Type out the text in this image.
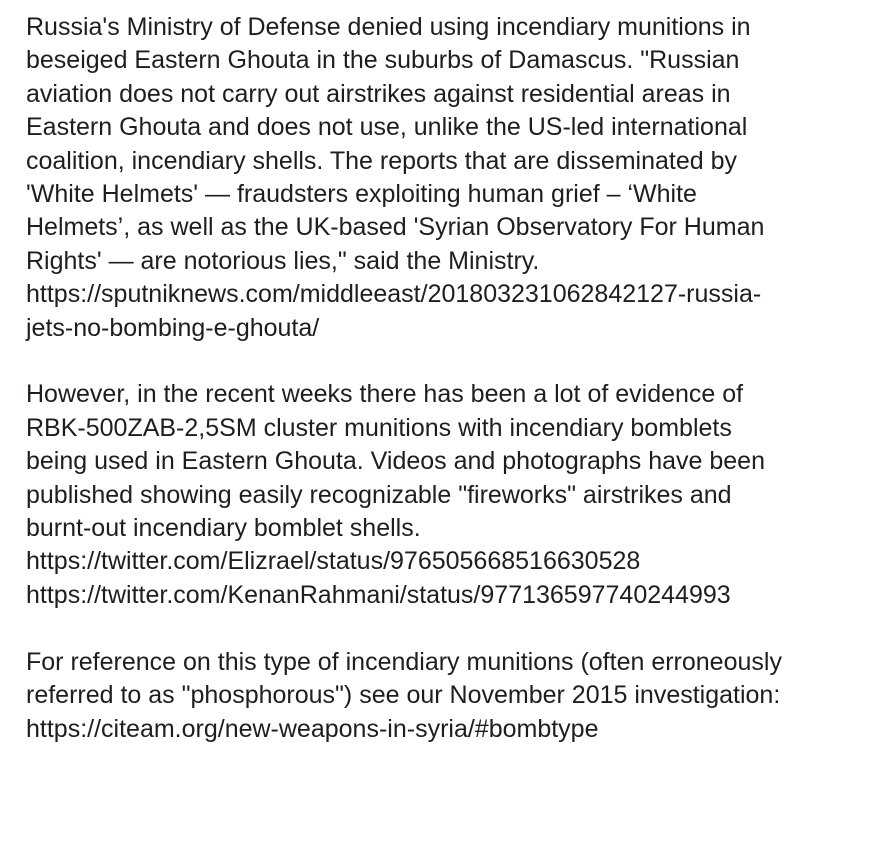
Russia's Ministry of Defense denied using incendiary munitions in
beseiged Eastern Ghouta in the suburbs of Damascus. "Russian
aviation does not carry out airstrikes against residential areas in
Eastern Ghouta and does not use, unlike the US-led international
coalition, incendiary shells. The reports that are disseminated by
'White Helmets' — fraudsters exploiting human grief – ‘White
Helmets’, as well as the UK-based 'Syrian Observatory For Human
Rights' — are notorious lies," said the Ministry.
https://sputniknews.com/middleeast/201803231062842127-russia-
jets-no-bombing-e-ghouta/

However, in the recent weeks there has been a lot of evidence of
RBK-500ZAB-2,5SM cluster munitions with incendiary bomblets
being used in Eastern Ghouta. Videos and photographs have been
published showing easily recognizable "fireworks" airstrikes and
burnt-out incendiary bomblet shells.
https://twitter.com/Elizrael/status/976505668516630528
https://twitter.com/KenanRahmani/status/977136597740244993

For reference on this type of incendiary munitions (often erroneously
referred to as "phosphorous") see our November 2015 investigation:
https://citeam.org/new-weapons-in-syria/#bombtype
